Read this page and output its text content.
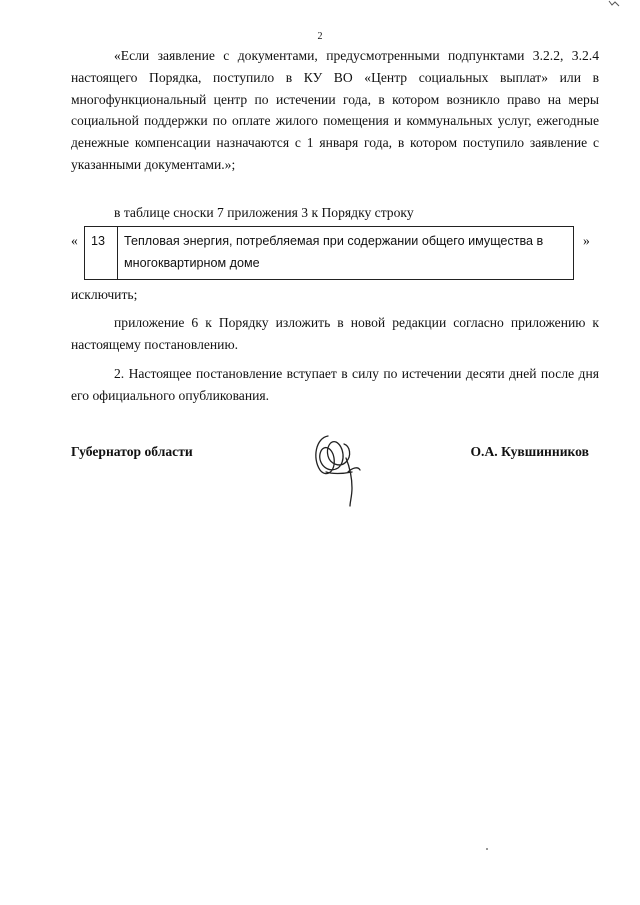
2

«Если заявление с документами, предусмотренными подпунктами 3.2.2, 3.2.4 настоящего Порядка, поступило в КУ ВО «Центр социальных выплат» или в многофункциональный центр по истечении года, в котором возникло право на меры социальной поддержки по оплате жилого помещения и коммунальных услуг, ежегодные денежные компенсации назначаются с 1 января года, в котором поступило заявление с указанными документами.»;

в таблице сноски 7 приложения 3 к Порядку строку

« 13	Тепловая энергия, потребляемая при содержании общего имущества в многоквартирном доме
»

исключить;

приложение 6 к Порядку изложить в новой редакции согласно приложению к настоящему постановлению.

2. Настоящее постановление вступает в силу по истечении десяти дней после дня его официального опубликования.

Губернатор области	О.А. Кувшинников
